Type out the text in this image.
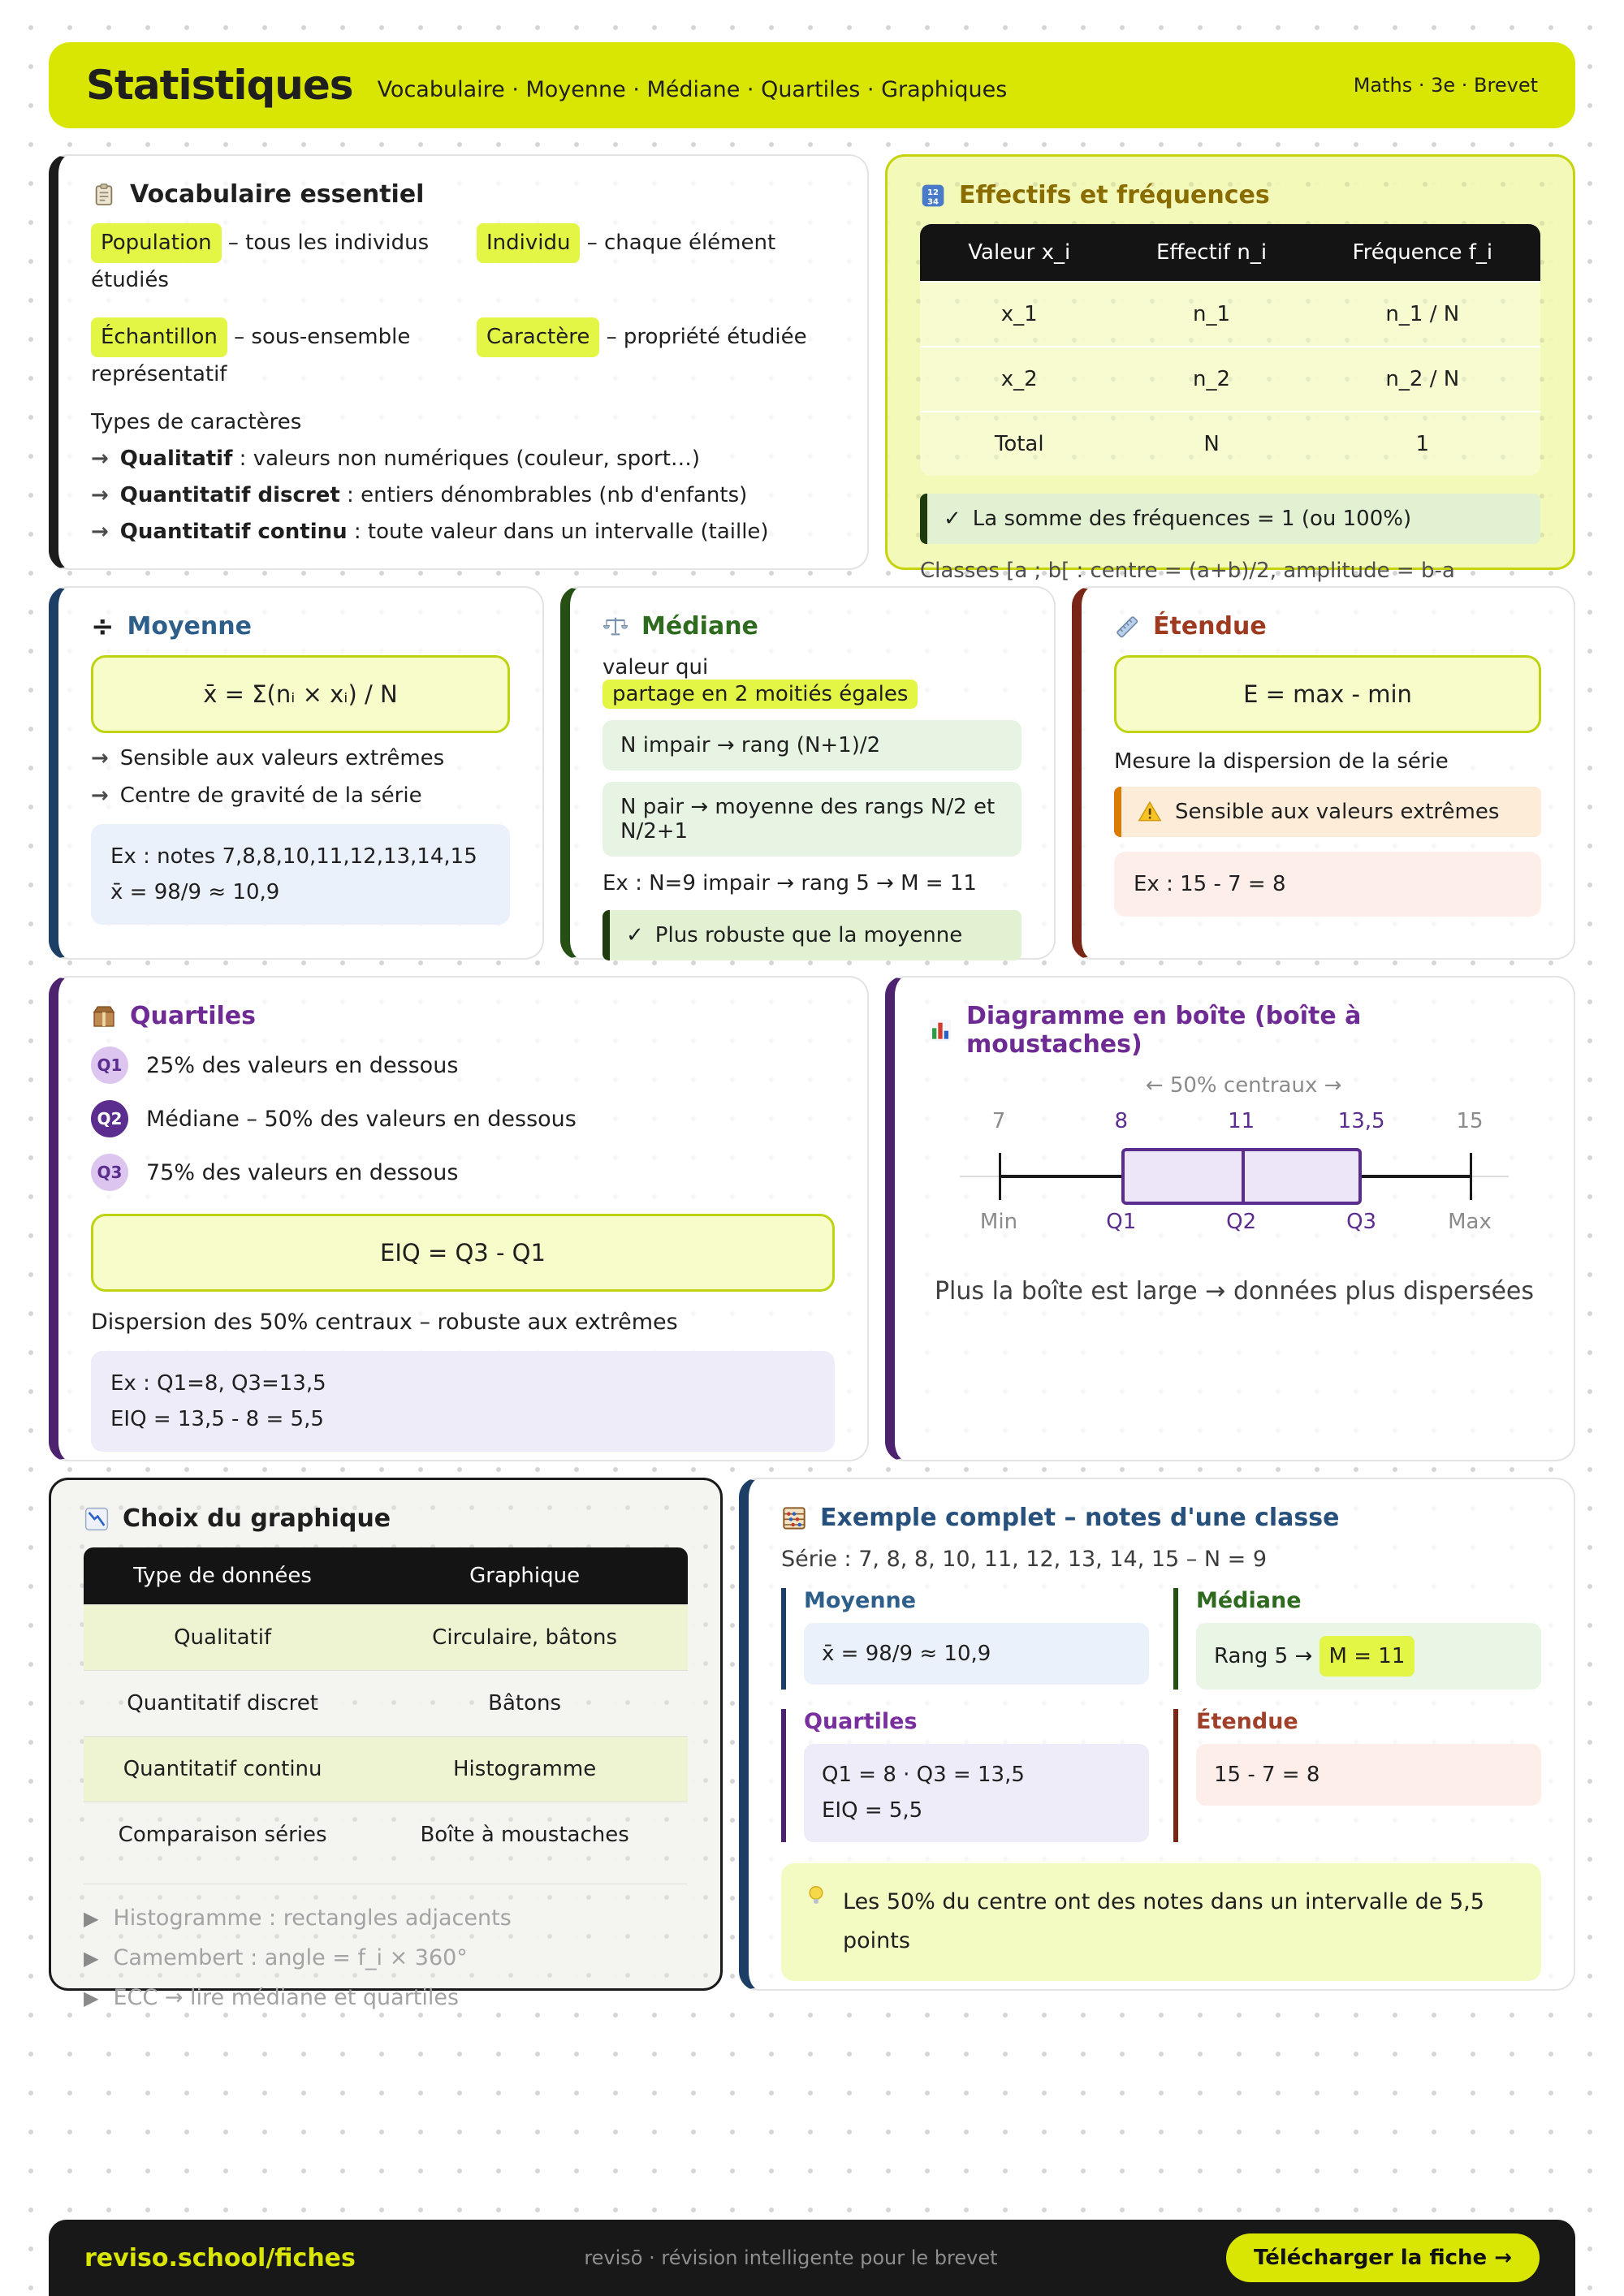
Statistiques Vocabulaire · Moyenne · Médiane · Quartiles · Graphiques	Maths · 3e · Brevet
Vocabulaire essentiel
Population – tous les individus étudiés
Individu – chaque élément
Échantillon – sous-ensemble représentatif
Caractère – propriété étudiée
Types de caractères
→ Qualitatif : valeurs non numériques (couleur, sport…)
→ Quantitatif discret : entiers dénombrables (nb d'enfants)
→ Quantitatif continu : toute valeur dans un intervalle (taille)
12
34 Effectifs et fréquences
Valeur x_i	Effectif n_i	Fréquence f_i
x_1	n_1	n_1 / N
x_2	n_2	n_2 / N
Total	N	1
✓ La somme des fréquences = 1 (ou 100%)
Classes [a ; b[ : centre = (a+b)/2, amplitude = b-a
÷ Moyenne
x̄ = Σ(nᵢ × xᵢ) / N
→ Sensible aux valeurs extrêmes
→ Centre de gravité de la série
Ex : notes 7,8,8,10,11,12,13,14,15
x̄ = 98/9 ≈ 10,9
Médiane
valeur qui partage en 2 moitiés égales
N impair → rang (N+1)/2
N pair → moyenne des rangs N/2 et N/2+1
Ex : N=9 impair → rang 5 → M = 11
✓ Plus robuste que la moyenne
Étendue
E = max - min
Mesure la dispersion de la série
Sensible aux valeurs extrêmes
Ex : 15 - 7 = 8
Quartiles
Q1 25% des valeurs en dessous
Q2 Médiane – 50% des valeurs en dessous
Q3 75% des valeurs en dessous
EIQ = Q3 - Q1
Dispersion des 50% centraux – robuste aux extrêmes
Ex : Q1=8, Q3=13,5
EIQ = 13,5 - 8 = 5,5
Diagramme en boîte (boîte à moustaches)
← 50% centraux →
7	8	11	13,5	15
Min	Q1	Q2	Q3	Max
Plus la boîte est large → données plus dispersées
Choix du graphique
Type de données	Graphique
Qualitatif	Circulaire, bâtons
Quantitatif discret	Bâtons
Quantitatif continu	Histogramme
Comparaison séries	Boîte à moustaches
▶ Histogramme : rectangles adjacents
▶ Camembert : angle = f_i × 360°
▶ ECC → lire médiane et quartiles
Exemple complet – notes d'une classe
Série : 7, 8, 8, 10, 11, 12, 13, 14, 15 – N = 9
Moyenne
x̄ = 98/9 ≈ 10,9
Médiane
Rang 5 → M = 11
Quartiles
Q1 = 8 · Q3 = 13,5
EIQ = 5,5
Étendue
15 - 7 = 8
Les 50% du centre ont des notes dans un intervalle de 5,5 points
reviso.school/fiches	revisō · révision intelligente pour le brevet	Télécharger la fiche →
